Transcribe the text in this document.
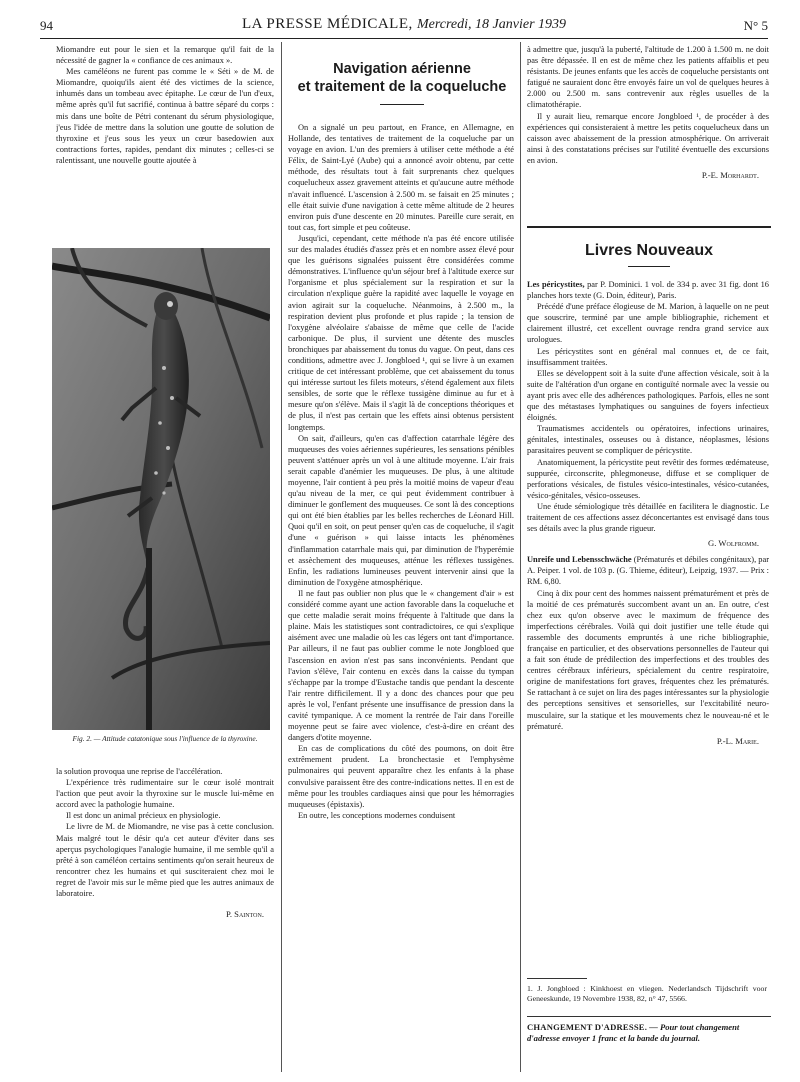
94	LA PRESSE MÉDICALE, Mercredi, 18 Janvier 1939	N° 5

Miomandre eut pour le sien et la remarque qu'il fait de la nécessité de gagner la « confiance de ces animaux ».

Mes caméléons ne furent pas comme le « Séti » de M. de Miomandre, quoiqu'ils aient été des victimes de la science, inhumés dans un tombeau avec épitaphe. Le cœur de l'un d'eux, même après qu'il fut sacrifié, continua à battre séparé du corps : mis dans une boîte de Pétri contenant du sérum physiologique, j'eus l'idée de mettre dans la solution une goutte de solution de thyroxine et j'eus sous les yeux un cœur basedowien aux contractions fortes, rapides, pendant dix minutes ; celles-ci se ralentissant, une nouvelle goutte ajoutée à

Fig. 2. — Attitude catatonique sous l'influence de la thyroxine.

la solution provoqua une reprise de l'accélération.

L'expérience très rudimentaire sur le cœur isolé montrait l'action que peut avoir la thyroxine sur le muscle lui-même en accord avec la pathologie humaine.

Il est donc un animal précieux en physiologie.

Le livre de M. de Miomandre, ne vise pas à cette conclusion. Mais malgré tout le désir qu'a cet auteur d'éviter dans ses aperçus psychologiques l'analogie humaine, il me semble qu'il a prêté à son caméléon certains sentiments qu'on serait heureux de rencontrer chez les humains et qui susciteraient chez moi le regret de l'avoir mis sur le même pied que les autres animaux de laboratoire.

P. Sainton.
Navigation aérienne
et traitement de la coqueluche

On a signalé un peu partout, en France, en Allemagne, en Hollande, des tentatives de traitement de la coqueluche par un voyage en avion. L'un des premiers à utiliser cette méthode a été Félix, de Saint-Lyé (Aube) qui a annoncé avoir obtenu, par cette méthode, des résultats tout à fait surprenants chez quelques coquelucheux assez gravement atteints et qu'aucune autre méthode n'avait influencé. L'ascension à 2.500 m. se faisait en 25 minutes ; elle était suivie d'une navigation à cette même altitude de 2 heures environ puis d'une descente en 20 minutes. Pareille cure serait, en tout cas, fort simple et peu coûteuse.

Jusqu'ici, cependant, cette méthode n'a pas été encore utilisée sur des malades étudiés d'assez près et en nombre assez élevé pour que les guérisons signalées puissent être considérées comme démonstratives. L'influence qu'un séjour bref à l'altitude exerce sur l'organisme et plus spécialement sur la respiration et sur la circulation n'explique guère la rapidité avec laquelle le voyage en avion agirait sur la coqueluche. Néanmoins, à 2.500 m., la respiration devient plus profonde et plus rapide ; la tension de l'oxygène alvéolaire s'abaisse de même que celle de l'acide carbonique. De plus, il survient une détente des muscles bronchiques par abaissement du tonus du vague. On peut, dans ces conditions, admettre avec J. Jongbloed ¹, qui se livre à un examen critique de cet intéressant problème, que cet abaissement du tonus qui intéresse surtout les filets moteurs, s'étend également aux filets sensibles, de sorte que le réflexe tussigène diminue au fur et à mesure qu'on s'élève. Mais il s'agit là de conceptions théoriques et de plus, il n'est pas certain que les effets ainsi obtenus persistent longtemps.

On sait, d'ailleurs, qu'en cas d'affection catarrhale légère des muqueuses des voies aériennes supérieures, les sensations pénibles peuvent s'atténuer après un vol à une altitude moyenne. L'air frais serait capable d'anémier les muqueuses. De plus, à une altitude moyenne, l'air contient à peu près la moitié moins de vapeur d'eau qu'au niveau de la mer, ce qui peut évidemment contribuer à diminuer le gonflement des muqueuses. Ce sont là des conceptions qui ont été bien établies par les belles recherches de Léonard Hill. Quoi qu'il en soit, on peut penser qu'en cas de coqueluche, il s'agit d'une « guérison » qui laisse intacts les phénomènes d'inflammation catarrhale mais qui, par diminution de l'hyperémie et assèchement des muqueuses, atténue les réflexes tussigènes. Enfin, les radiations lumineuses peuvent intervenir ainsi que la diminution de l'oxygène atmosphérique.

Il ne faut pas oublier non plus que le « changement d'air » est considéré comme ayant une action favorable dans la coqueluche et que cette maladie serait moins fréquente à l'altitude que dans la plaine. Mais les statistiques sont contradictoires, ce qui s'explique aisément avec une maladie où les cas légers ont tant d'importance. Par ailleurs, il ne faut pas oublier comme le note Jongbloed que l'ascension en avion n'est pas sans inconvénients. Pendant que l'avion s'élève, l'air contenu en excès dans la caisse du tympan s'échappe par la trompe d'Eustache tandis que pendant la descente l'air rentre difficilement. Il y a donc des chances pour que peu après le vol, l'enfant présente une insuffisance de pression dans la cavité tympanique. A ce moment la rentrée de l'air dans l'oreille moyenne peut se faire avec violence, c'est-à-dire en créant des dangers d'otite moyenne.

En cas de complications du côté des poumons, on doit être extrêmement prudent. La bronchectasie et l'emphysème pulmonaires qui peuvent apparaître chez les enfants à la phase convulsive paraissent être des contre-indications nettes. Il en est de même pour les troubles cardiaques ainsi que pour les hémorragies muqueuses (épistaxis).

En outre, les conceptions modernes conduisent

à admettre que, jusqu'à la puberté, l'altitude de 1.200 à 1.500 m. ne doit pas être dépassée. Il en est de même chez les patients affaiblis et peu résistants. De jeunes enfants que les accès de coqueluche persistants ont fatigué ne sauraient donc être envoyés faire un vol de quelques heures à 2.000 ou 2.500 m. sans contrevenir aux règles usuelles de la climatothérapie.

Il y aurait lieu, remarque encore Jongbloed ¹, de procéder à des expériences qui consisteraient à mettre les petits coquelucheux dans un caisson avec abaissement de la pression atmosphérique. On arriverait ainsi à des constatations précises sur l'utilité éventuelle des excursions en avion.

P.-E. Morhardt.
Livres Nouveaux

Les péricystites, par P. Dominici. 1 vol. de 334 p. avec 31 fig. dont 16 planches hors texte (G. Doin, éditeur), Paris.

Précédé d'une préface élogieuse de M. Marion, à laquelle on ne peut que souscrire, terminé par une ample bibliographie, richement et clairement illustré, cet excellent ouvrage rendra grand service aux urologues.

Les péricystites sont en général mal connues et, de ce fait, insuffisamment traitées.

Elles se développent soit à la suite d'une affection vésicale, soit à la suite de l'altération d'un organe en contiguïté normale avec la vessie ou ayant pris avec elle des adhérences pathologiques. Parfois, elles ne sont que des métastases lymphatiques ou sanguines de foyers infectieux éloignés.

Traumatismes accidentels ou opératoires, infections urinaires, génitales, intestinales, osseuses ou à distance, néoplasmes, lésions parasitaires peuvent se compliquer de péricystite.

Anatomiquement, la péricystite peut revêtir des formes œdémateuse, suppurée, circonscrite, phlegmoneuse, diffuse et se compliquer de perforations vésicales, de fistules vésico-intestinales, vésico-cutanées, vésico-génitales, vésico-osseuses.

Une étude sémiologique très détaillée en facilitera le diagnostic. Le traitement de ces affections assez déconcertantes est envisagé dans tous ses détails avec la plus grande rigueur.

G. Wolfromm.

Unreife und Lebensschwäche (Prématurés et débiles congénitaux), par A. Peiper. 1 vol. de 103 p. (G. Thieme, éditeur), Leipzig, 1937. — Prix : RM. 6,80.

Cinq à dix pour cent des hommes naissent prématurément et près de la moitié de ces prématurés succombent avant un an. En outre, c'est chez eux qu'on observe avec le maximum de fréquence des imperfections cérébrales. Voilà qui doit justifier une telle étude qui rassemble des documents empruntés à une riche bibliographie, française en particulier, et des observations personnelles de l'auteur qui a fait son étude de prédilection des imperfections et des troubles des centres cérébraux inférieurs, spécialement du centre respiratoire, origine de manifestations fort graves, fréquentes chez les prématurés. Se rattachant à ce sujet on lira des pages intéressantes sur la physiologie des perceptions sensitives et sensorielles, sur l'excitabilité neuro-musculaire, sur la statique et les mouvements chez le nouveau-né et le prématuré.

P.-L. Marie.
1. J. Jongbloed : Kinkhoest en vliegen. Nederlandsch Tijdschrift voor Geneeskunde, 19 Novembre 1938, 82, n° 47, 5566.
CHANGEMENT D'ADRESSE. — Pour tout changement d'adresse envoyer 1 franc et la bande du journal.
